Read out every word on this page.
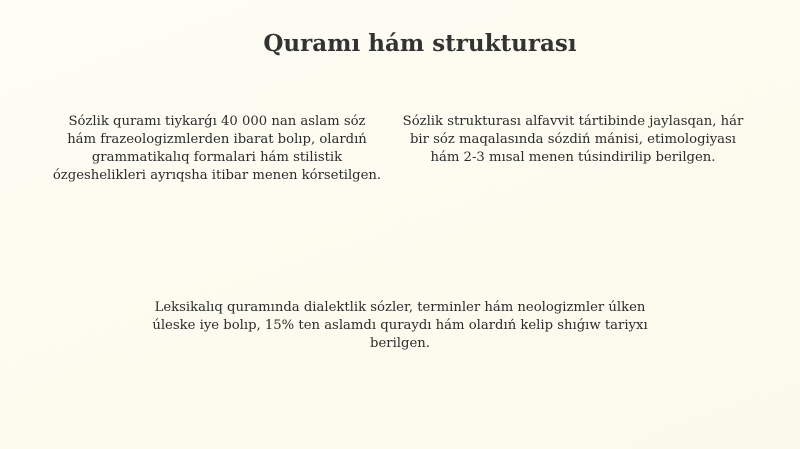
Quramı hám strukturası

Sózlik quramı tiykarǵı 40 000 nan aslam sóz hám frazeologizmlerden ibarat bolıp, olardıń grammatikalıq formalari hám stilistik ózgeshelikleri ayrıqsha itibar menen kórsetilgen.

Sózlik strukturası alfavvit tártibinde jaylasqan, hár bir sóz maqalasında sózdiń mánisi, etimologiyası hám 2-3 mısal menen túsindirilip berilgen.

Leksikalıq quramında dialektlik sózler, terminler hám neologizmler úlken úleske iye bolıp, 15% ten aslamdı quraydı hám olardıń kelip shıǵıw tariyxı berilgen.
